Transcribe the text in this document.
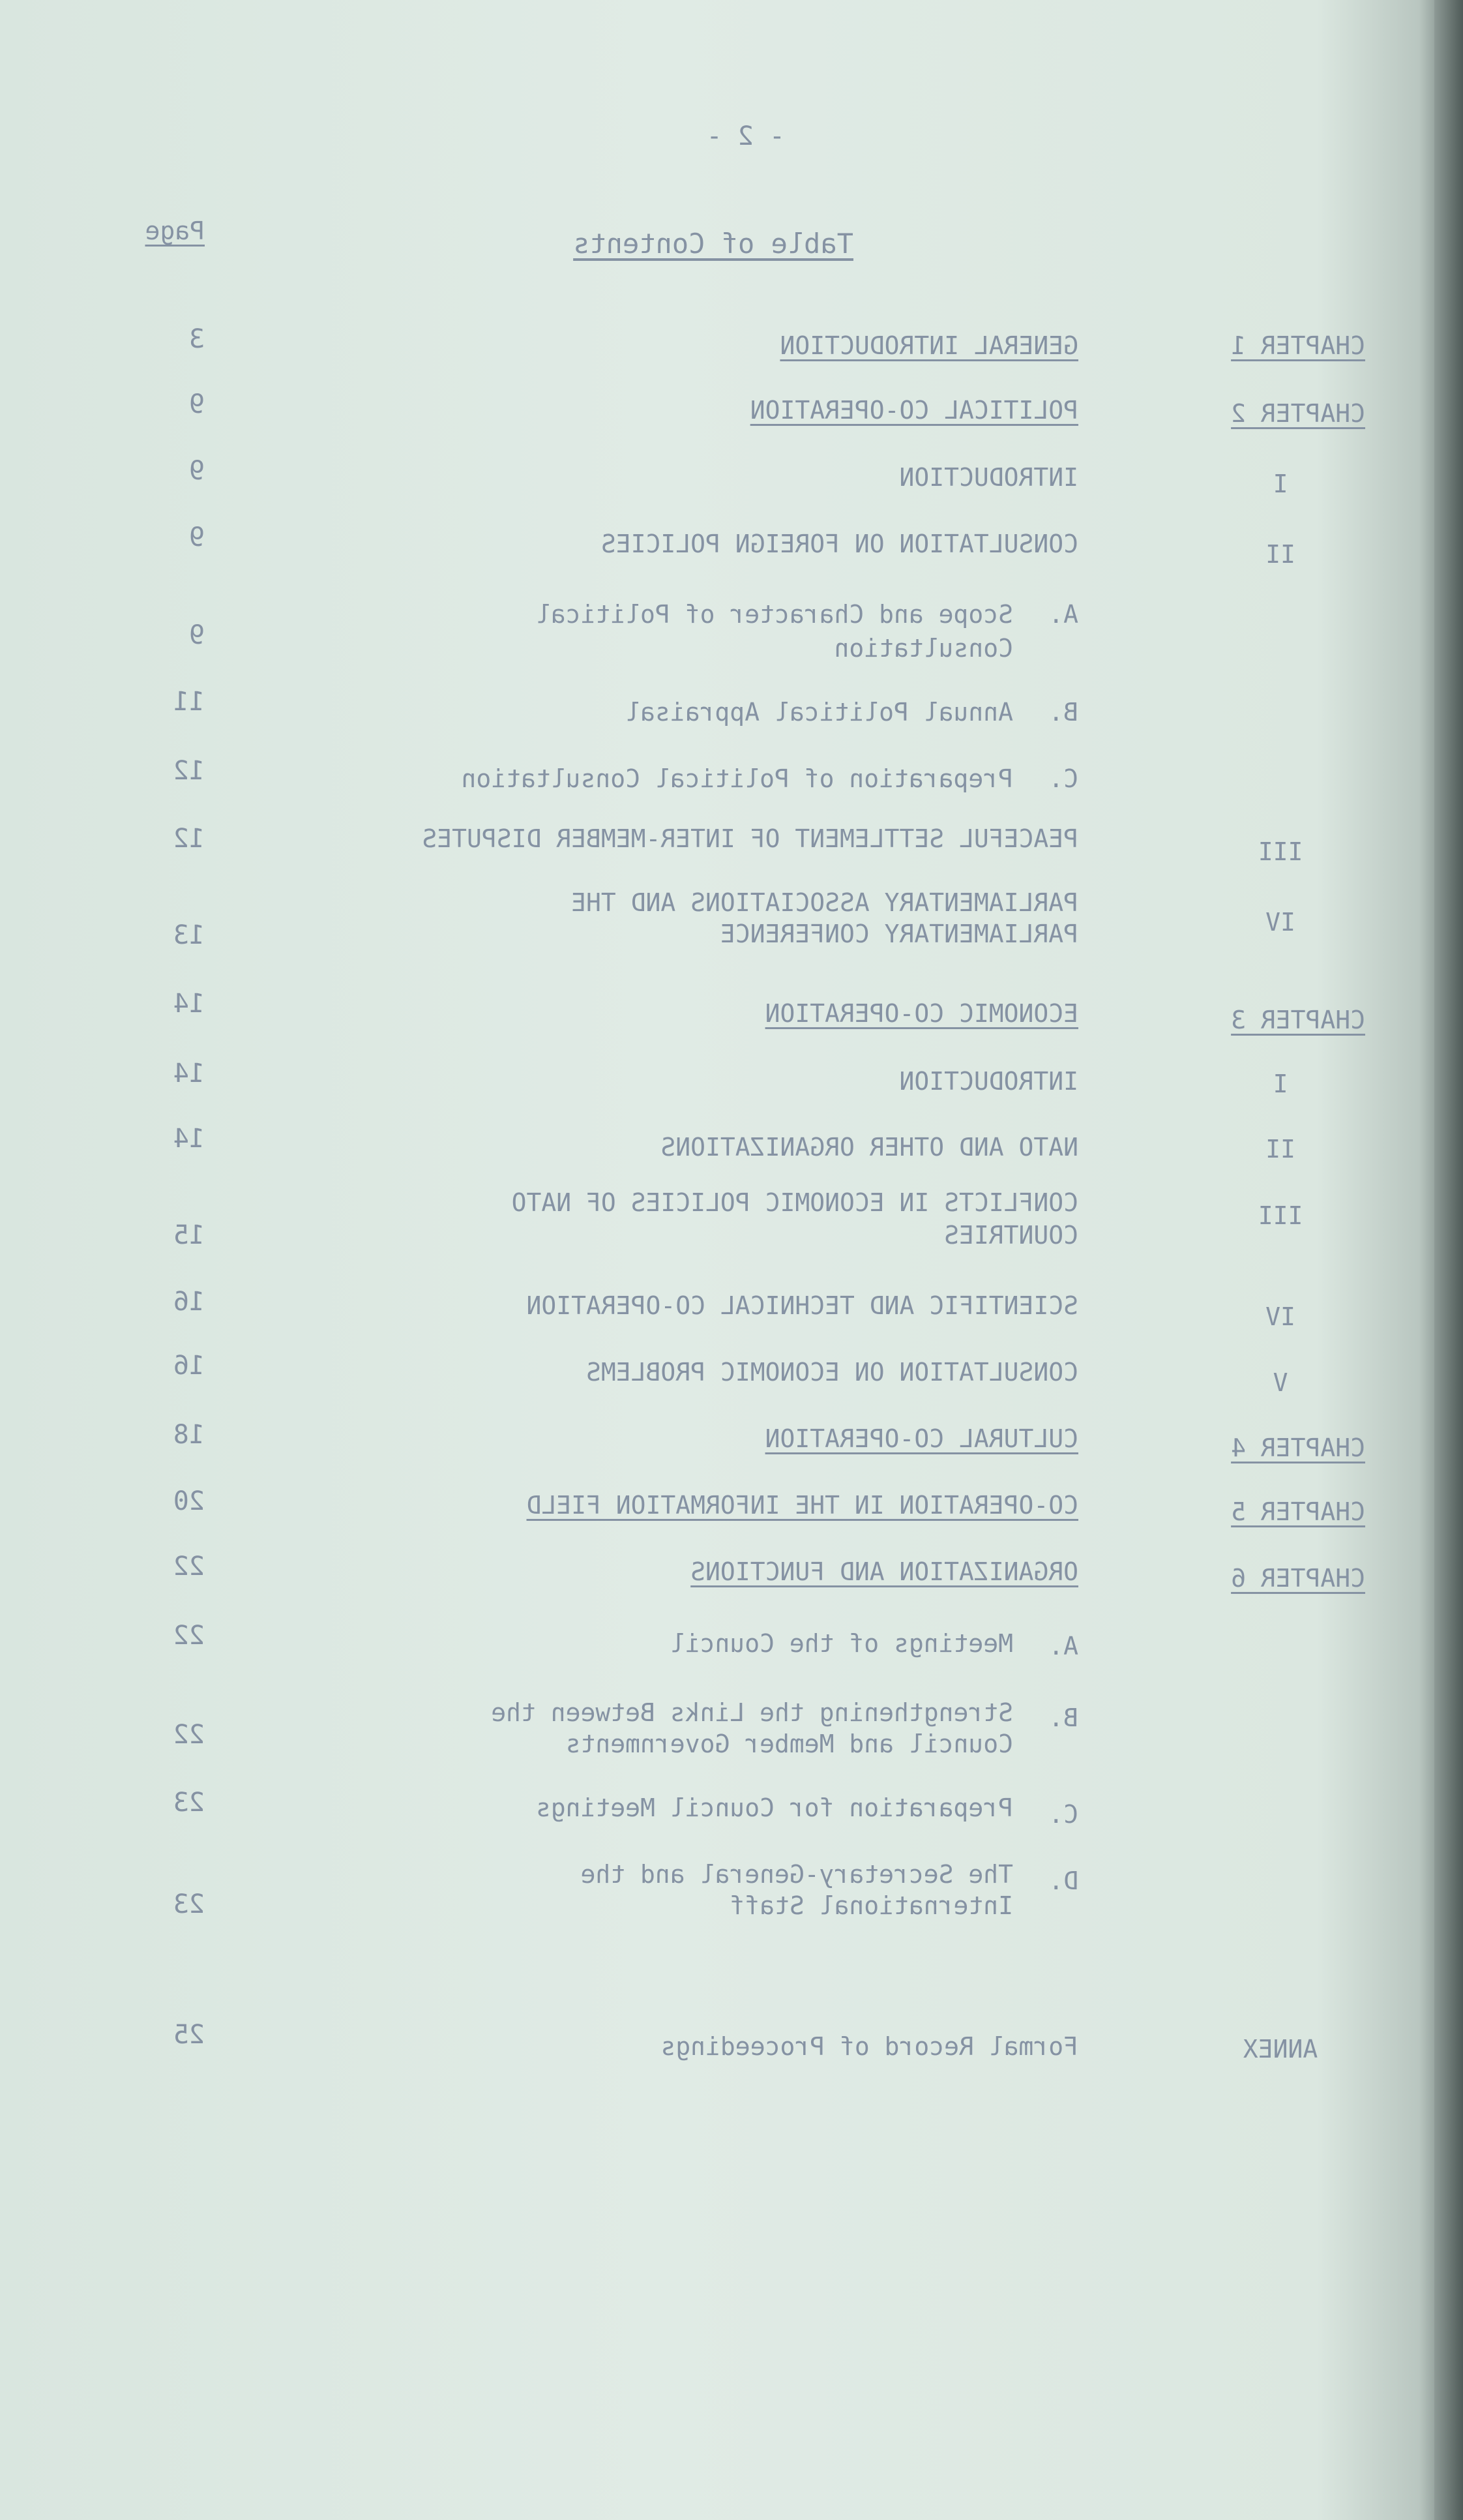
- 2 -
Table of Contents
Page
CHAPTER 1
GENERAL INTRODUCTION
3
CHAPTER 2
POLITICAL CO-OPERATION
9
I
INTRODUCTION
9
II
CONSULTATION ON FOREIGN POLICIES
9
A.
Scope and Character of Political
Consultation
9
B.
Annual Political Appraisal
11
C.
Preparation of Political Consultation
12
III
PEACEFUL SETTLEMENT OF INTER-MEMBER DISPUTES
12
IV
PARLIAMENTARY ASSOCIATIONS AND THE
PARLIAMENTARY CONFERENCE
13
CHAPTER 3
ECONOMIC CO-OPERATION
14
I
INTRODUCTION
14
II
NATO AND OTHER ORGANIZATIONS
14
III
CONFLICTS IN ECONOMIC POLICIES OF NATO
COUNTRIES
15
IV
SCIENTIFIC AND TECHNICAL CO-OPERATION
16
V
CONSULTATION ON ECONOMIC PROBLEMS
16
CHAPTER 4
CULTURAL CO-OPERATION
18
CHAPTER 5
CO-OPERATION IN THE INFORMATION FIELD
20
CHAPTER 6
ORGANIZATION AND FUNCTIONS
22
A.
Meetings of the Council
22
B.
Strengthening the Links Between the
Council and Member Governments
22
C.
Preparation for Council Meetings
23
D.
The Secretary-General and the
International Staff
23
ANNEX
Formal Record of Proceedings
25
